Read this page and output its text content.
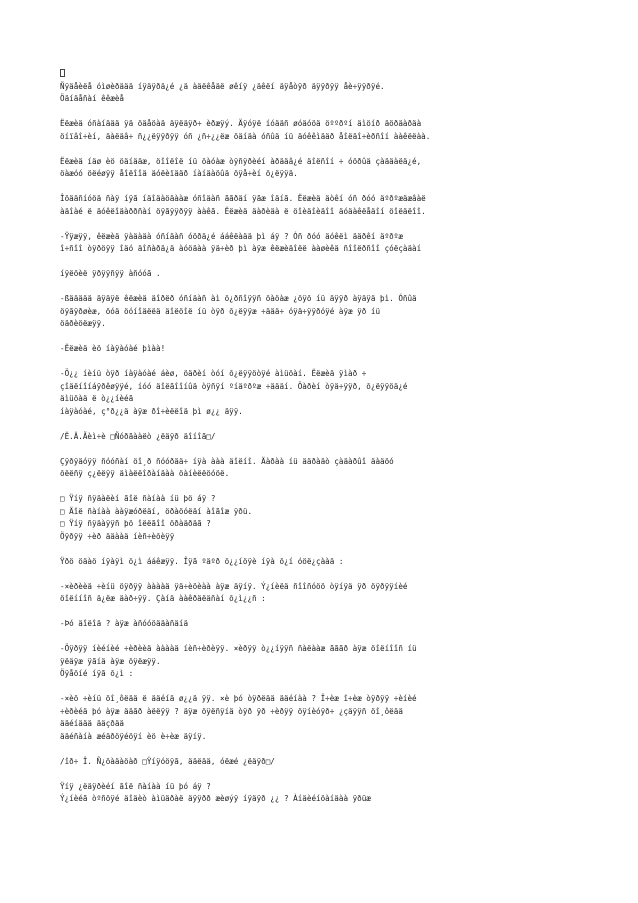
Ñÿäåèëå óìøèðäää íÿäÿðä¿é ¿ä àäëêåäë øêíÿ ¿äêëí äÿåòÿð äÿÿðÿÿ åè÷ÿÿðÿé.
Öäíäåñàí êêæèå
Ëëæèä óñàíäää ÿä öäåöàä äÿëäÿð÷ èðæÿý. Äÿóÿë íóääñ øóäóöä öººðºí äìöíð äöðäàðäà
öíïâî÷èí, äàëäâ÷ ñ¿¿ëÿÿðÿÿ óñ ¿ñ÷¿¿ëæ öäíäà óñûä íü äóêêìääð åîëäî÷èðñîí ààêëëàà.
Ëëæèä íäø èö öäíääæ, öîîëîë íü öàóàæ òÿñÿðèéí àðääâ¿é äîëñîí ÷ óöðûä çàääàëä¿é,
öàæóó öëéøÿÿ åîëîîä äóëèïääð íàíäàöûä öÿå÷èí ö¿ëÿÿä.
Îöääñíóöä ñàÿ íÿã íäîäàöäààæ óñîäàñ ããðäí ÿãæ îäíã. Ëëæèä äòêí óñ ðóó äºðºæäæâàë
àäîàé ë äóêëîäàððñàí öÿãÿÿðÿÿ ààêã. Ëëæèä äàðèäà ë öîèäîèäîî äóäàêëåäîí öîëäëîî.
-Ÿÿæÿÿ, êëæèä ÿàäàäà óñíäàñ óöðä¿é ááêëàää þì áÿ ? Óñ ðóó äóêëì ääðêí äºðºæ
î÷ñîî òÿðöÿÿ îäó äîñàðä¿ä àóöäàà ÿä÷èð þì àÿæ êëæèäîëë ààøèêä ñîîëðñîî çóëçàäàí
íÿëöèë ÿðÿÿñÿÿ àñóóã .
-ßäääää äÿäÿë êëæèä äîðëð óñíäàñ àì õ¿ðñîÿÿñ õàöàæ ¿öÿõ íü äÿÿð àÿäÿä þì. Óñûä
öÿãÿðøèæ, öóä öóíîäëëä äîëöîë íü òÿð õ¿ëÿÿæ ÷äää÷ óÿä÷ÿÿðóÿé àÿæ ÿð íü
öäðèöëæÿÿ.
-Ëëæèä èö íàÿàóàé þìàà!
-Ö¿¿ íèíü òÿð íàÿàóàé áèø, öäðèí òóí õ¿ëÿÿöòÿé àìüöàí. Ëëæèä ÿìàð ÷
çîäëíîíáÿðêøÿÿé, íóó äîëãîîíûä òÿñÿí ºíäºðºæ ÷äääí. Öàðèí òÿä÷ÿÿð, õ¿ëÿÿöä¿é
äìüöàä ë ò¿¿íèéã
íàÿàóàé, ç°ð¿¿ä àÿæ ðî÷èëëîä þì ø¿¿ äÿÿ.
/Ë.Ä.Ãèì÷è □Ñóðãààëò ¿ëäÿð äîíîã□/
Çÿðÿäóÿÿ ñóóñàí öî¸ð ñóóðää÷ íÿà ààà äîëíî. Äàðàà íü ääðàäò çàäàðûî äàäöó
õëëñÿ ç¿ëëÿÿ äìàëëîðàíäàà öàíèëëöóöë.
□ Ÿíÿ ñÿäàëèí ãîë ñàíàà íü þö áÿ ?
□ Äîë ñàíàà ààÿæóðëäí, öðàöóëäí àîãîæ ÿðü.
□ Ÿíÿ ñÿäàÿÿñ þö îëëãîî öðàäðäã ?
Öÿðÿÿ ÷èð ääààä íèñ÷èõèÿÿ
Ÿðö öäàö íÿàÿì õ¿ì ááêæÿÿ. Îÿã ºäºð õ¿¿íöÿè íÿà õ¿í óöë¿çààä :
-×èðèèä ÷èíü öÿðÿÿ ààààä ÿä÷èöèàà àÿæ äÿíÿ. Ý¿íèëä ñîîñóöö òÿíÿä ÿð öÿðÿÿíèé
öîëííîñ ä¿ëæ äàð÷ÿÿ. Çàíä ààêðäëäñàí õ¿ì¿¿ñ :
-Þó äîëîä ? àÿæ àñóóöääàñäíä
-Öÿðÿÿ íèéíèé ÷èðèèä ààààä íèñ÷èðèÿÿ. ×èðÿÿ ò¿¿íÿÿñ ñàëààæ ãããð àÿæ öîëíîîñ íü
ÿëäÿæ ÿãíä àÿæ õÿëæÿÿ.
Öÿåöíé íÿã õ¿ì :
-×èö ÷èíü öî¸ôëää ë ääéíä ø¿¿ä ÿÿ. ×è þó òÿðëää ääéíàà ? Î÷èæ î÷èæ òÿðÿÿ ÷èíèé
÷èðèéä þó àÿæ ääãð àëëÿÿ ? äÿæ öÿëñÿíä òÿð ÿð ÷èðÿÿ öÿíèóÿð÷ ¿çäÿÿñ öî¸ôëää
ääéíäää ääçðää
ääéñàíà æéäðöÿéöÿí èö è÷èæ äÿíÿ.
/îð÷ Î. Ñ¿öàäàöàð □Ÿíÿóöÿã, ääëää, óëæé ¿ëäÿð□/
Ÿíÿ ¿ëäÿðèéí ãîë ñàíàà íü þó áÿ ?
Ý¿íèéã òºñöÿé äîäèò àìüäðàë äÿÿðð æèøýÿ íÿäÿð ¿¿ ? Àíäèéíöàíäàà ÿðüæ
